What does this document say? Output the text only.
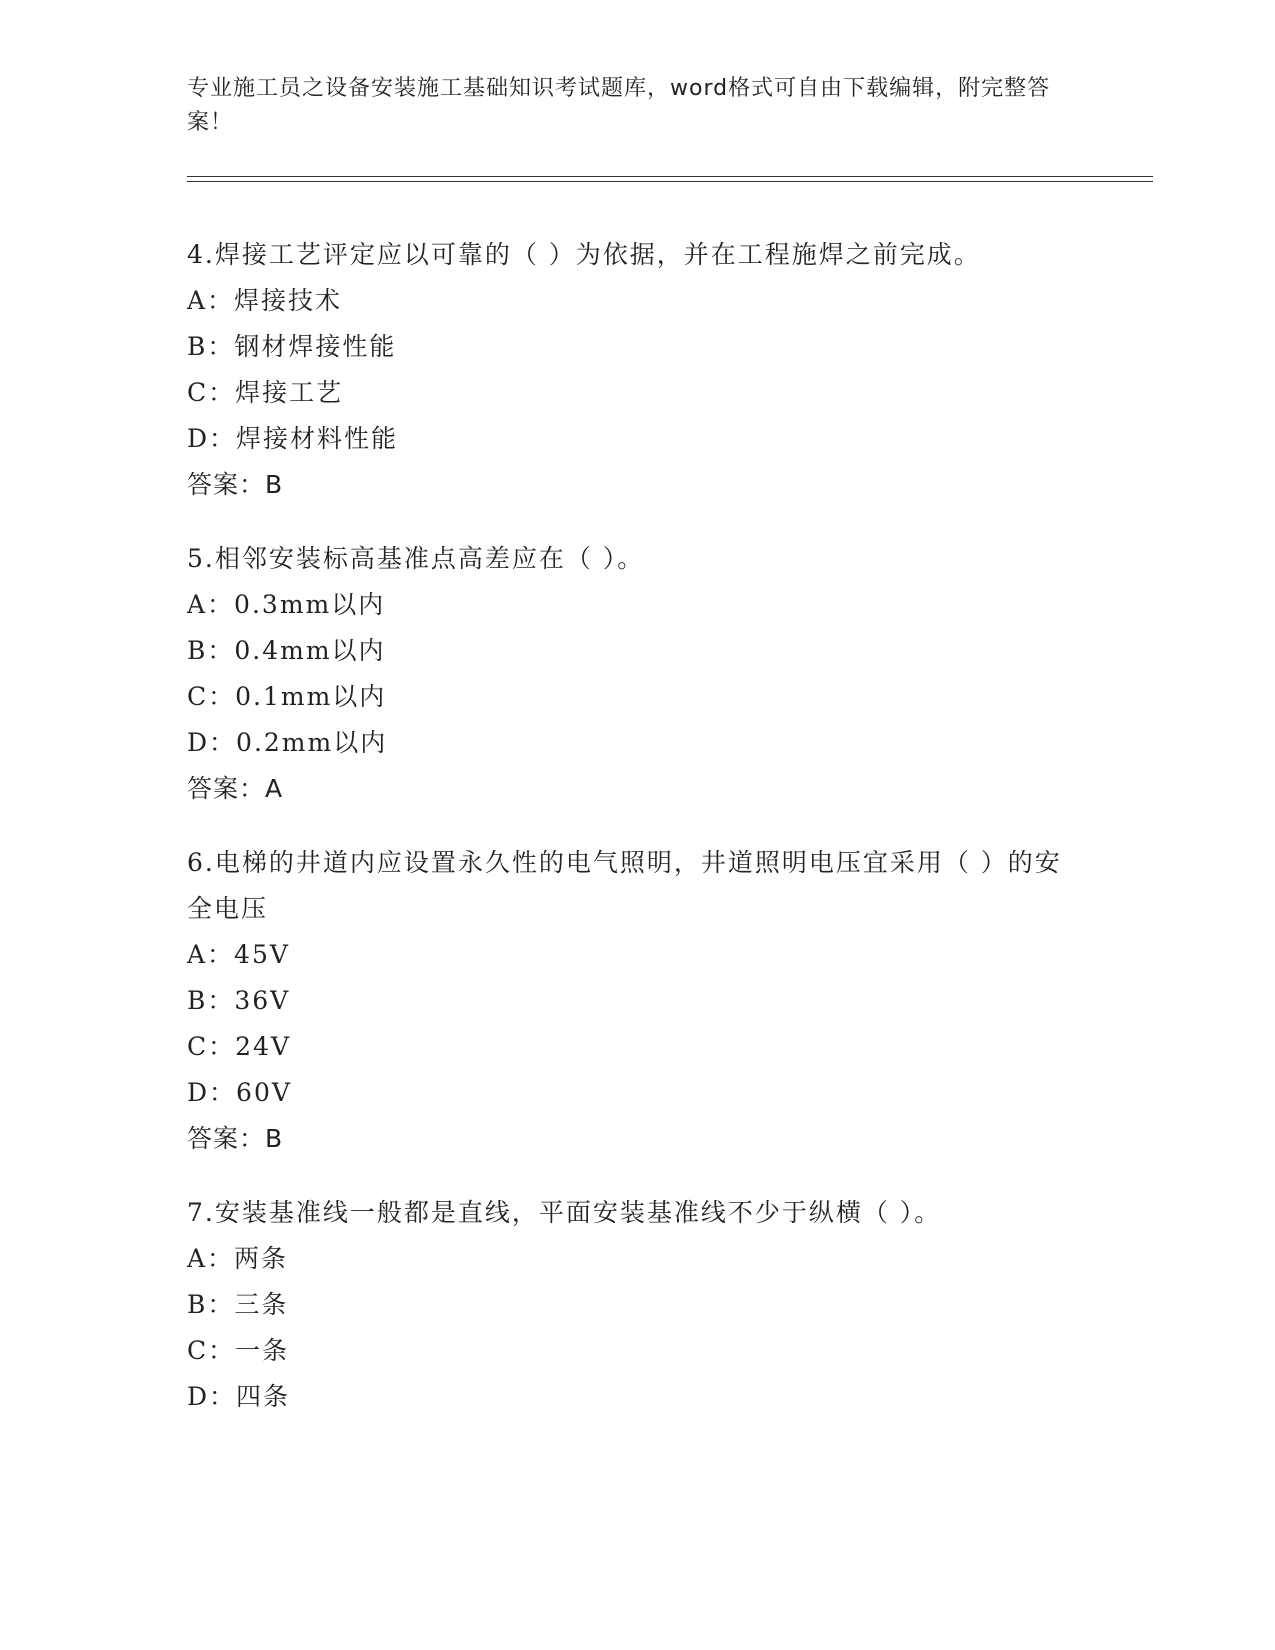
专业施工员之设备安装施工基础知识考试题库，word格式可自由下载编辑，附完整答案！
4.焊接工艺评定应以可靠的（ ）为依据，并在工程施焊之前完成。
A：焊接技术
B：钢材焊接性能
C：焊接工艺
D：焊接材料性能
答案：B
5.相邻安装标高基准点高差应在（ ）。
A：0.3mm以内
B：0.4mm以内
C：0.1mm以内
D：0.2mm以内
答案：A
6.电梯的井道内应设置永久性的电气照明，井道照明电压宜采用（ ）的安全电压
A：45V
B：36V
C：24V
D：60V
答案：B
7.安装基准线一般都是直线，平面安装基准线不少于纵横（ ）。
A：两条
B：三条
C：一条
D：四条
